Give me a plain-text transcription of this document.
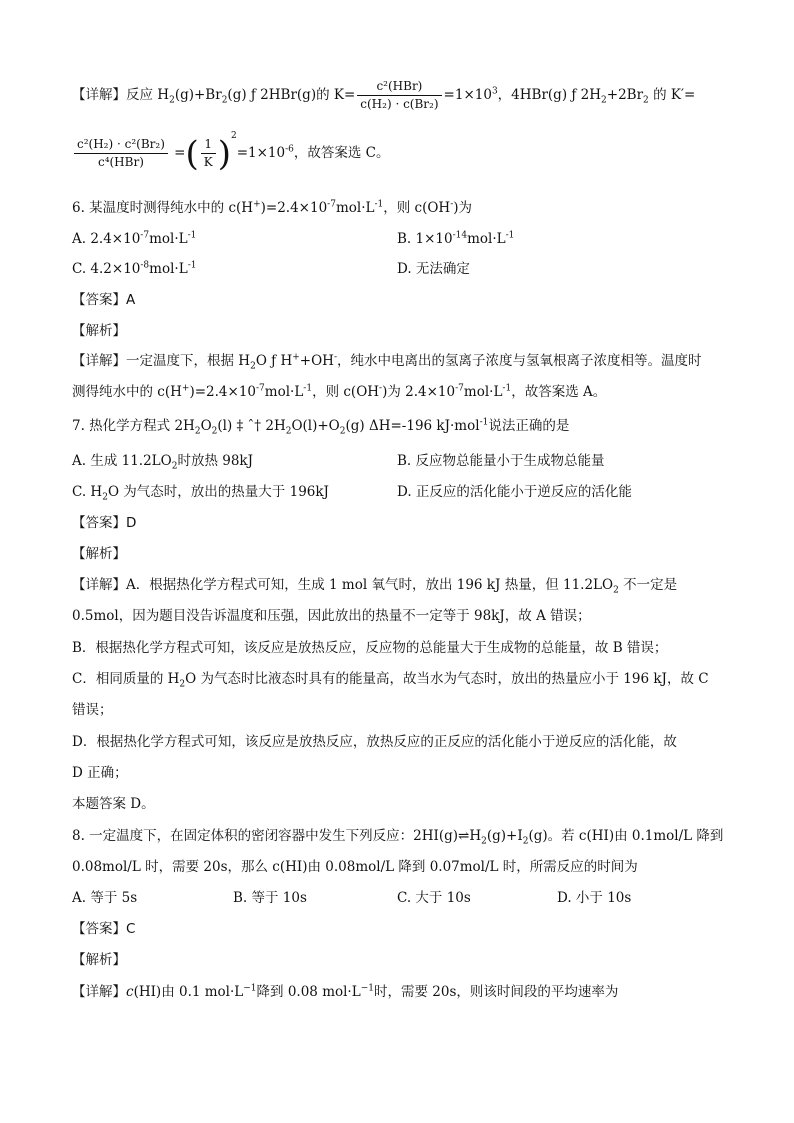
【详解】反应 $H_2(g)+Br_2(g)$ ƒ 2HBr(g)的 $K= \frac{\text{c²(HBr)}}{\text{c(H₂) · c(Br₂)}} =1\times 10^3$，4HBr(g) ƒ $2H_2+2Br_2$ 的 K′=
$\frac{\text{c²(H₂) · c²(Br₂)}}{\text{c⁴(HBr)}}$ =( $\frac{1}{K} )^2=1\times 10^{-6}$，故答案选 C。
6. 某温度时测得纯水中的 $c(H^+)=2.4\times 10^{-7}mol\cdot L^{-1}$，则 c(OH-)为
A. $2.4\times 10^{-7}mol\cdot L^{-1}$	B. $1\times 10^{-14}mol\cdot L^{-1}$
C. $4.2\times 10^{-8}mol\cdot L^{-1}$	D. 无法确定
【答案】A
【解析】
【详解】一定温度下，根据 $H_2O$ ƒ H++OH-，纯水中电离出的氢离子浓度与氢氧根离子浓度相等。温度时
测得纯水中的 $c(H^+)=2.4\times 10^{-7}mol\cdot L^{-1}$，则 c(OH-)为 $2.4\times 10^{-7}mol\cdot L^{-1}$，故答案选 A。
7. 热化学方程式 $2H_2O_2(l)$ ‡ ˆ† $2H_2O(l)+O_2(g)$ ΔH=-196 kJ·mol$^{-1}$说法正确的是
A. 生成 $11.2LO_2$时放热 98kJ	B. 反应物总能量小于生成物总能量
C. $H_2O$ 为气态时，放出的热量大于 196kJ	D. 正反应的活化能小于逆反应的活化能
【答案】D
【解析】
【详解】A．根据热化学方程式可知，生成 1 mol 氧气时，放出 196 kJ 热量，但 $11.2LO_2$ 不一定是
0.5mol，因为题目没告诉温度和压强，因此放出的热量不一定等于 98kJ，故 A 错误；
B．根据热化学方程式可知，该反应是放热反应，反应物的总能量大于生成物的总能量，故 B 错误；
C．相同质量的 $H_2O$ 为气态时比液态时具有的能量高，故当水为气态时，放出的热量应小于 196 kJ，故 C
错误；
D．根据热化学方程式可知，该反应是放热反应，放热反应的正反应的活化能小于逆反应的活化能，故
D 正确；
本题答案 D。
8. 一定温度下，在固定体积的密闭容器中发生下列反应：$2HI(g)\rightleftharpoons H_2(g)+I_2(g)$。若 c(HI)由 0.1mol/L 降到
0.08mol/L 时，需要 20s，那么 c(HI)由 0.08mol/L 降到 0.07mol/L 时，所需反应的时间为
A. 等于 5s	B. 等于 10s	C. 大于 10s	D. 小于 10s
【答案】C
【解析】
【详解】c(HI)由 0.1 $mol\cdot L^{-1}$降到 0.08 $mol\cdot L^{-1}$时，需要 20s，则该时间段的平均速率为
